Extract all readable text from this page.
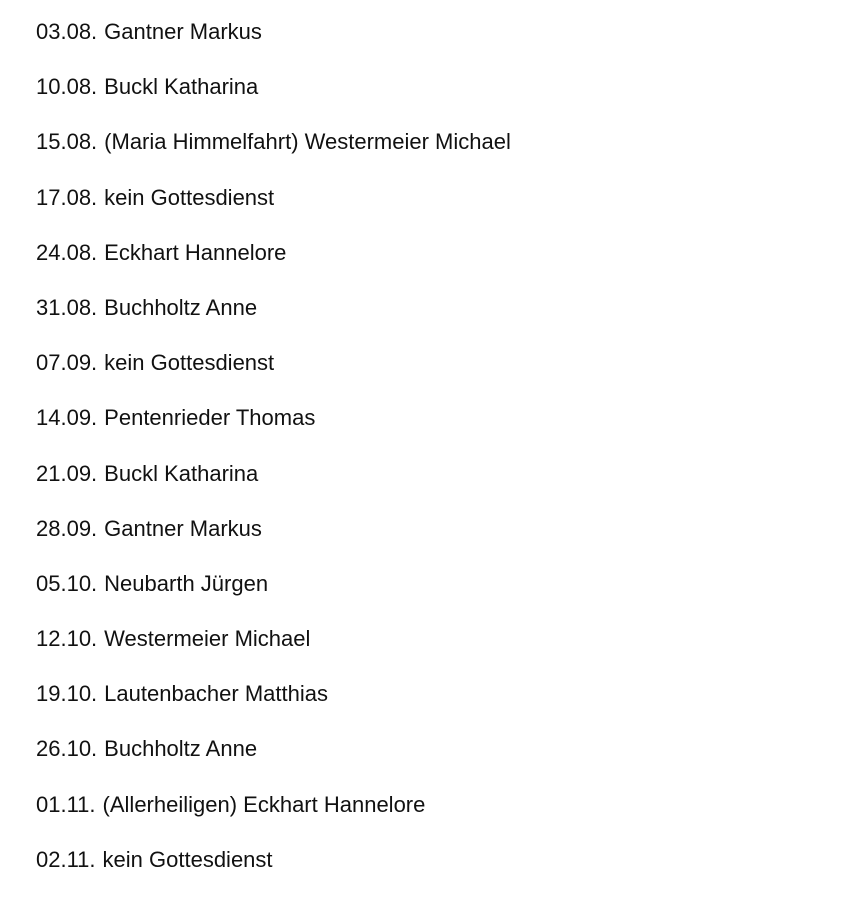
03.08. Gantner Markus
10.08. Buckl Katharina
15.08. (Maria Himmelfahrt) Westermeier Michael
17.08. kein Gottesdienst
24.08. Eckhart Hannelore
31.08. Buchholtz Anne
07.09. kein Gottesdienst
14.09. Pentenrieder Thomas
21.09. Buckl Katharina
28.09. Gantner Markus
05.10. Neubarth Jürgen
12.10. Westermeier Michael
19.10. Lautenbacher Matthias
26.10. Buchholtz Anne
01.11. (Allerheiligen) Eckhart Hannelore
02.11. kein Gottesdienst
